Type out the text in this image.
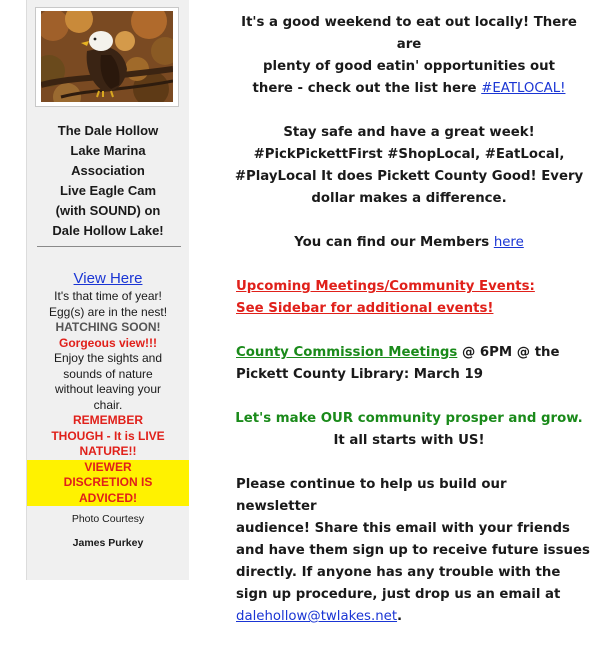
The Dale Hollow
Lake Marina
Association
Live Eagle Cam
(with SOUND) on
Dale Hollow Lake!
View Here
It's that time of year!
Egg(s) are in the nest!
HATCHING SOON!
Gorgeous view!!!
Enjoy the sights and
sounds of nature
without leaving your
chair.
REMEMBER
THOUGH - It is LIVE
NATURE!!
VIEWER
DISCRETION IS
ADVICED!
Photo Courtesy
James Purkey
It's a good weekend to eat out locally! There are
plenty of good eatin' opportunities out
there - check out the list here #EATLOCAL!
Stay safe and have a great week!
#PickPickettFirst #ShopLocal, #EatLocal,
#PlayLocal It does Pickett County Good! Every
dollar makes a difference.
You can find our Members here
Upcoming Meetings/Community Events:
See Sidebar for additional events!
County Commission Meetings @ 6PM @ the
Pickett County Library: March 19
Let's make OUR community prosper and grow.
It all starts with US!
Please continue to help us build our newsletter
audience! Share this email with your friends
and have them sign up to receive future issues
directly. If anyone has any trouble with the
sign up procedure, just drop us an email at
dalehollow@twlakes.net.
